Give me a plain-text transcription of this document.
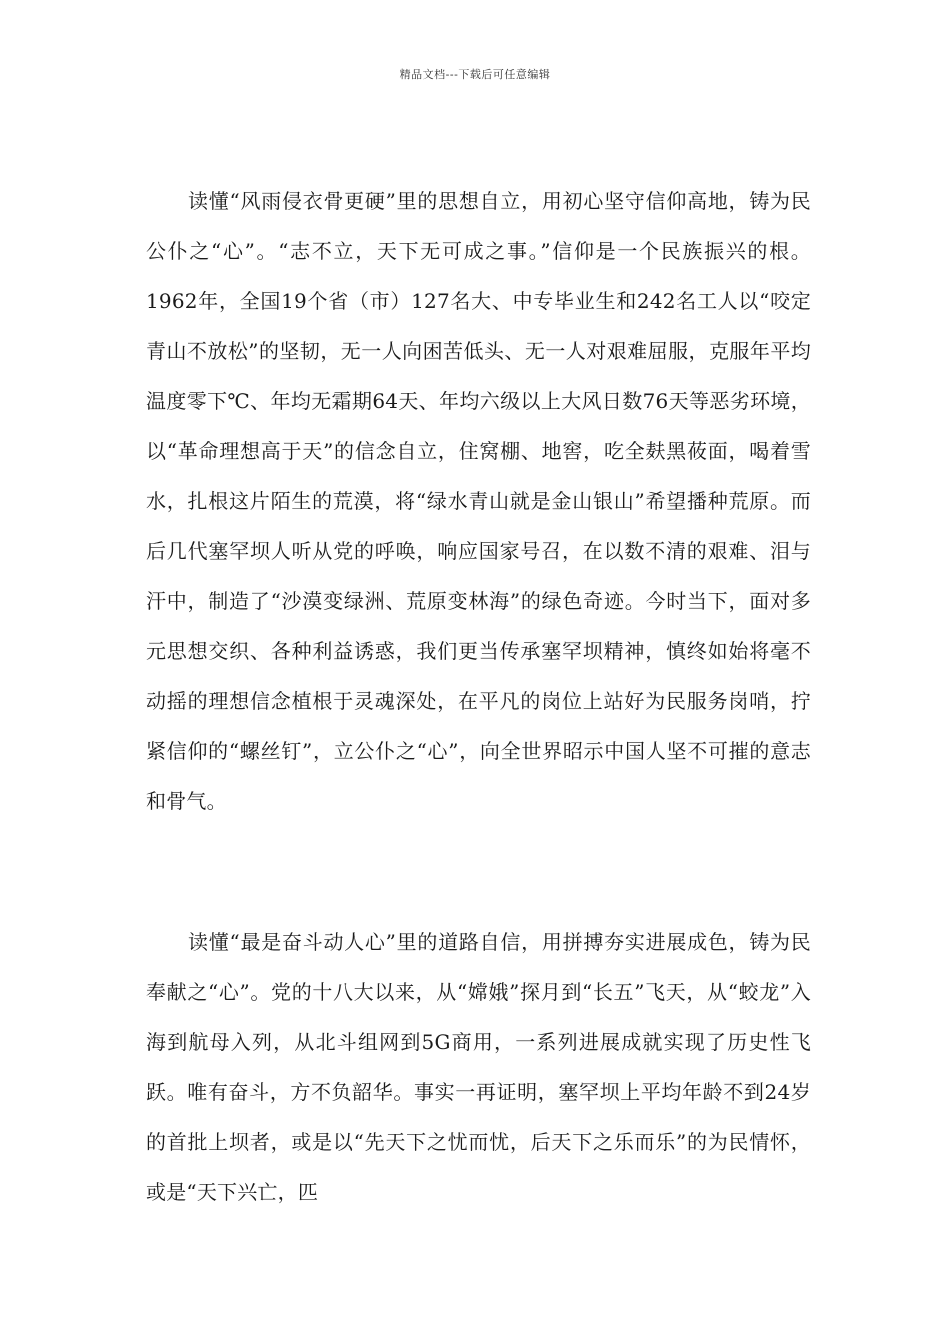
精品文档---下载后可任意编辑

读懂“风雨侵衣骨更硬”里的思想自立，用初心坚守信仰高地，铸为民公仆之“心”。“志不立，天下无可成之事。”信仰是一个民族振兴的根。1962年，全国19个省（市）127名大、中专毕业生和242名工人以“咬定青山不放松”的坚韧，无一人向困苦低头、无一人对艰难屈服，克服年平均温度零下℃、年均无霜期64天、年均六级以上大风日数76天等恶劣环境，以“革命理想高于天”的信念自立，住窝棚、地窖，吃全麸黑莜面，喝着雪水，扎根这片陌生的荒漠，将“绿水青山就是金山银山”希望播种荒原。而后几代塞罕坝人听从党的呼唤，响应国家号召，在以数不清的艰难、泪与汗中，制造了“沙漠变绿洲、荒原变林海”的绿色奇迹。今时当下，面对多元思想交织、各种利益诱惑，我们更当传承塞罕坝精神，慎终如始将毫不动摇的理想信念植根于灵魂深处，在平凡的岗位上站好为民服务岗哨，拧紧信仰的“螺丝钉”，立公仆之“心”，向全世界昭示中国人坚不可摧的意志和骨气。

读懂“最是奋斗动人心”里的道路自信，用拼搏夯实进展成色，铸为民奉献之“心”。党的十八大以来，从“嫦娥”探月到“长五”飞天，从“蛟龙”入海到航母入列，从北斗组网到5G商用，一系列进展成就实现了历史性飞跃。唯有奋斗，方不负韶华。事实一再证明，塞罕坝上平均年龄不到24岁的首批上坝者，或是以“先天下之忧而忧，后天下之乐而乐”的为民情怀，或是“天下兴亡，匹
